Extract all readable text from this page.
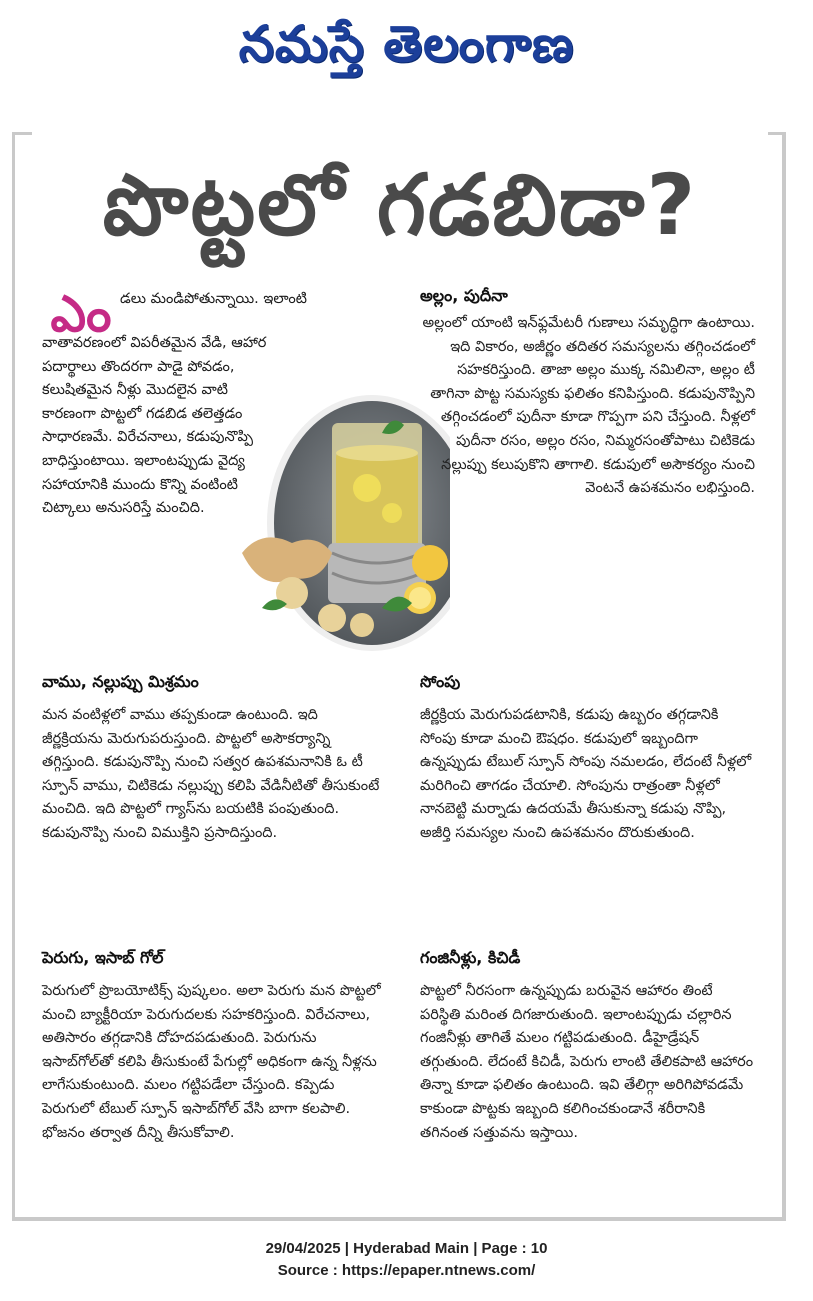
నమస్తే తెలంగాణ
పొట్టలో గడబిడా?
ఎం డలు మండిపోతున్నాయి. ఇలాంటి
వాతావరణంలో విపరీతమైన వేడి, ఆహార పదార్థాలు తొందరగా పాడై పోవడం, కలుషితమైన నీళ్లు మొదలైన వాటి కారణంగా పొట్టలో గడబిడ తలెత్తడం సాధారణమే. విరేచనాలు, కడుపునొప్పి బాధిస్తుంటాయి. ఇలాంటప్పుడు వైద్య సహాయానికి ముందు కొన్ని వంటింటి చిట్కాలు అనుసరిస్తే మంచిది.
అల్లం, పుదీనా
అల్లంలో యాంటి ఇన్‌ఫ్లమేటరీ గుణాలు సమృద్ధిగా ఉంటాయి. ఇది వికారం, అజీర్ణం తదితర సమస్యలను తగ్గించడంలో సహకరిస్తుంది. తాజా అల్లం ముక్క నమిలినా, అల్లం టీ తాగినా పొట్ట సమస్యకు ఫలితం కనిపిస్తుంది. కడుపునొప్పిని తగ్గించడంలో పుదీనా కూడా గొప్పగా పని చేస్తుంది. నీళ్లలో పుదీనా రసం, అల్లం రసం, నిమ్మరసంతోపాటు చిటికెడు నల్లుప్పు కలుపుకొని తాగాలి. కడుపులో అసౌకర్యం నుంచి వెంటనే ఉపశమనం లభిస్తుంది.
వాము, నల్లుప్పు మిశ్రమం
మన వంటిళ్లలో వాము తప్పకుండా ఉంటుంది. ఇది జీర్ణక్రియను మెరుగుపరుస్తుంది. పొట్టలో అసౌకర్యాన్ని తగ్గిస్తుంది. కడుపునొప్పి నుంచి సత్వర ఉపశమనానికి ఓ టీ స్పూన్ వాము, చిటికెడు నల్లుప్పు కలిపి వేడినీటితో తీసుకుంటే మంచిది. ఇది పొట్టలో గ్యాస్‌ను బయటికి పంపుతుంది. కడుపునొప్పి నుంచి విముక్తిని ప్రసాదిస్తుంది.
సోంపు
జీర్ణక్రియ మెరుగుపడటానికి, కడుపు ఉబ్బరం తగ్గడానికి సోంపు కూడా మంచి ఔషధం. కడుపులో ఇబ్బందిగా ఉన్నప్పుడు టేబుల్ స్పూన్ సోంపు నమలడం, లేదంటే నీళ్లలో మరిగించి తాగడం చేయాలి. సోంపును రాత్రంతా నీళ్లలో నానబెట్టి మర్నాడు ఉదయమే తీసుకున్నా కడుపు నొప్పి, అజీర్తి సమస్యల నుంచి ఉపశమనం దొరుకుతుంది.
పెరుగు, ఇసాబ్ గోల్
పెరుగులో ప్రొబయోటిక్స్ పుష్కలం. అలా పెరుగు మన పొట్టలో మంచి బ్యాక్టీరియా పెరుగుదలకు సహకరిస్తుంది. విరేచనాలు, అతిసారం తగ్గడానికి దోహదపడుతుంది. పెరుగును ఇసాబ్‌గోల్‌తో కలిపి తీసుకుంటే పేగుల్లో అధికంగా ఉన్న నీళ్లను లాగేసుకుంటుంది. మలం గట్టిపడేలా చేస్తుంది. కప్పెడు పెరుగులో టేబుల్ స్పూన్ ఇసాబ్‌గోల్ వేసి బాగా కలపాలి. భోజనం తర్వాత దీన్ని తీసుకోవాలి.
గంజినీళ్లు, కిచిడీ
పొట్టలో నీరసంగా ఉన్నప్పుడు బరువైన ఆహారం తింటే పరిస్థితి మరింత దిగజారుతుంది. ఇలాంటప్పుడు చల్లారిన గంజినీళ్లు తాగితే మలం గట్టిపడుతుంది. డీహైడ్రేషన్ తగ్గుతుంది. లేదంటే కిచిడీ, పెరుగు లాంటి తేలికపాటి ఆహారం తిన్నా కూడా ఫలితం ఉంటుంది. ఇవి తేలిగ్గా అరిగిపోవడమే కాకుండా పొట్టకు ఇబ్బంది కలిగించకుండానే శరీరానికి తగినంత సత్తువను ఇస్తాయి.
29/04/2025 | Hyderabad Main | Page : 10
Source : https://epaper.ntnews.com/
